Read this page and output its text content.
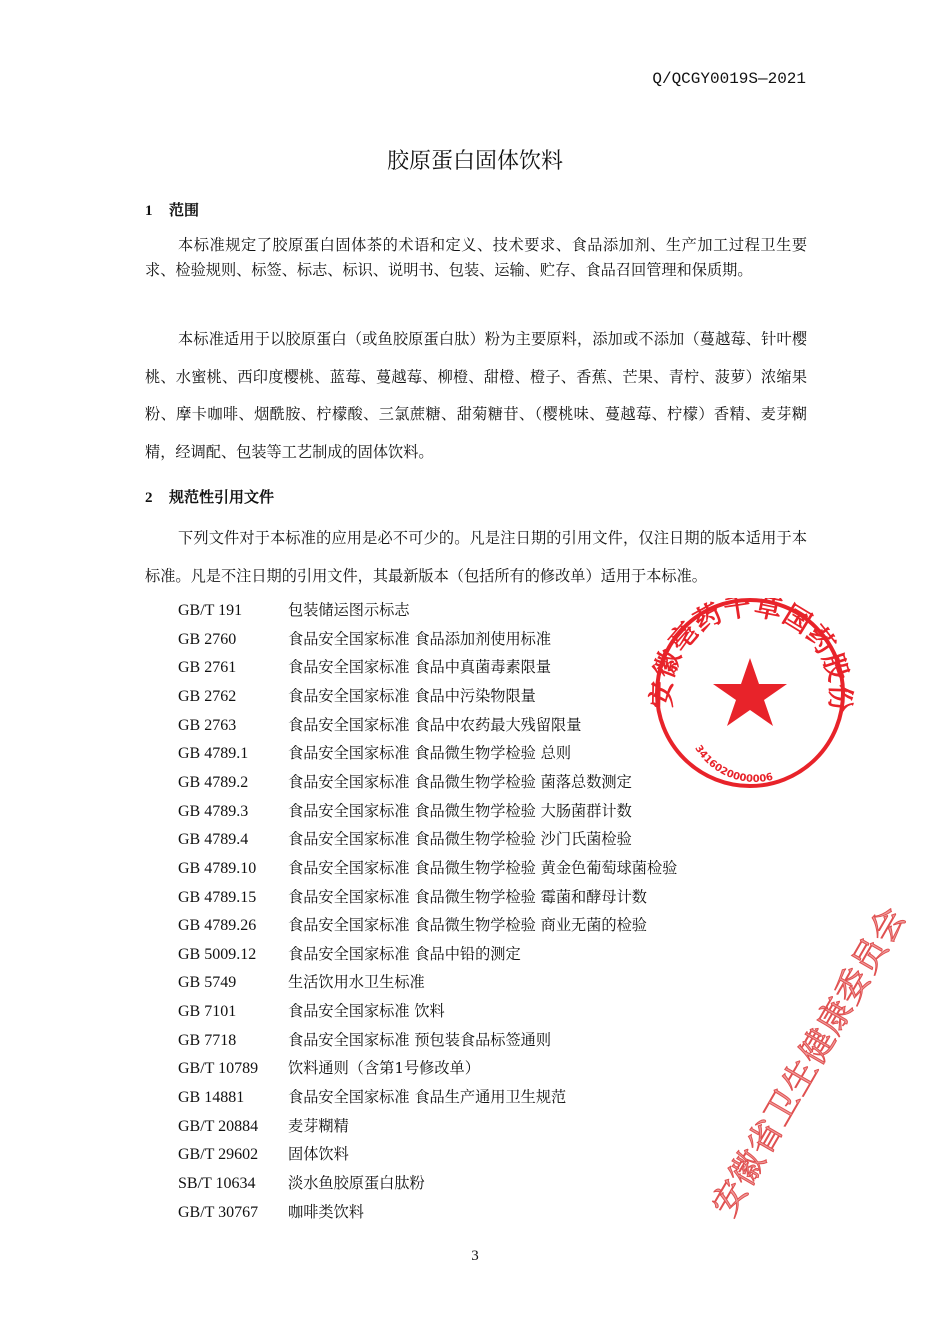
Q/QCGY0019S—2021
胶原蛋白固体饮料
1 范围
本标准规定了胶原蛋白固体茶的术语和定义、技术要求、食品添加剂、生产加工过程卫生要求、检验规则、标签、标志、标识、说明书、包装、运输、贮存、食品召回管理和保质期。
本标准适用于以胶原蛋白（或鱼胶原蛋白肽）粉为主要原料，添加或不添加（蔓越莓、针叶樱桃、水蜜桃、西印度樱桃、蓝莓、蔓越莓、柳橙、甜橙、橙子、香蕉、芒果、青柠、菠萝）浓缩果粉、摩卡咖啡、烟酰胺、柠檬酸、三氯蔗糖、甜菊糖苷、（樱桃味、蔓越莓、柠檬）香精、麦芽糊精，经调配、包装等工艺制成的固体饮料。
2 规范性引用文件
下列文件对于本标准的应用是必不可少的。凡是注日期的引用文件，仅注日期的版本适用于本标准。凡是不注日期的引用文件，其最新版本（包括所有的修改单）适用于本标准。
GB/T 191	包装储运图示标志
GB 2760	食品安全国家标准 食品添加剂使用标准
GB 2761	食品安全国家标准 食品中真菌毒素限量
GB 2762	食品安全国家标准 食品中污染物限量
GB 2763	食品安全国家标准 食品中农药最大残留限量
GB 4789.1	食品安全国家标准 食品微生物学检验 总则
GB 4789.2	食品安全国家标准 食品微生物学检验 菌落总数测定
GB 4789.3	食品安全国家标准 食品微生物学检验 大肠菌群计数
GB 4789.4	食品安全国家标准 食品微生物学检验 沙门氏菌检验
GB 4789.10 食品安全国家标准 食品微生物学检验 黄金色葡萄球菌检验
GB 4789.15 食品安全国家标准 食品微生物学检验 霉菌和酵母计数
GB 4789.26 食品安全国家标准 食品微生物学检验 商业无菌的检验
GB 5009.12 食品安全国家标准 食品中铅的测定
GB 5749	生活饮用水卫生标准
GB 7101	食品安全国家标准 饮料
GB 7718	食品安全国家标准 预包装食品标签通则
GB/T 10789 饮料通则（含第1号修改单）
GB 14881	食品安全国家标准 食品生产通用卫生规范
GB/T 20884 麦芽糊精
GB/T 29602 固体饮料
SB/T 10634 淡水鱼胶原蛋白肽粉
GB/T 30767 咖啡类饮料
3
安徽省卫生健康委员会
安徽亳药千草国药股份
3416020000006
